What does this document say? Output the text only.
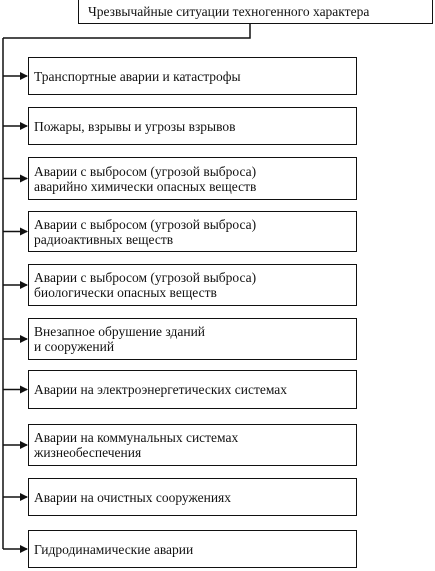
Чрезвычайные ситуации техногенного характера
Транспортные аварии и катастрофы
Пожары, взрывы и угрозы взрывов
Аварии с выбросом (угрозой выброса)
аварийно химически опасных веществ
Аварии с выбросом (угрозой выброса)
радиоактивных веществ
Аварии с выбросом (угрозой выброса)
биологически опасных веществ
Внезапное обрушение зданий
и сооружений
Аварии на электроэнергетических системах
Аварии на коммунальных системах
жизнеобеспечения
Аварии на очистных сооружениях
Гидродинамические аварии
